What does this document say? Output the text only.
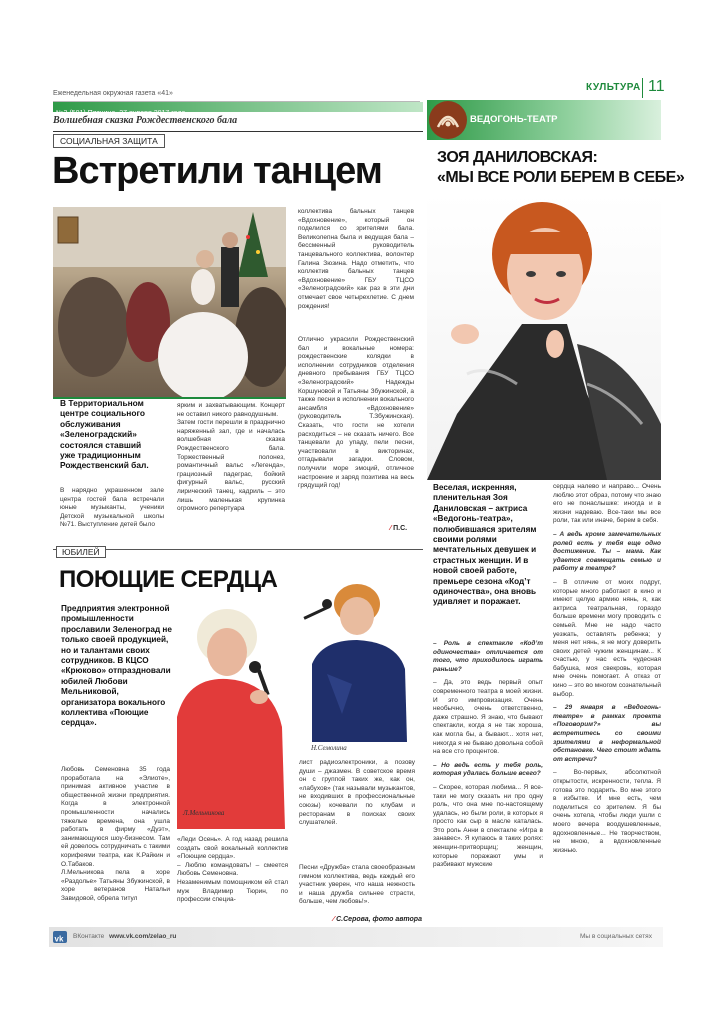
Еженедельная окружная газета «41»
№3 (501) Пятница, 27 января 2017 года
КУЛЬТУРА 11
Волшебная сказка Рождественского бала
СОЦИАЛЬНАЯ ЗАЩИТА
Встретили танцем
В Территориальном центре социального обслуживания «Зеленоградский» состоялся ставший уже традиционным Рождественский бал.
В нарядно украшенном зале центра гостей бала встречали юные музыканты, ученики Детской музыкальной школы №71. Выступление детей было
ярким и захватывающим. Концерт не оставил никого равнодушным.
Затем гости перешли в празднично наряженный зал, где и началась волшебная сказка Рождественского бала. Торжественный полонез, романтичный вальс «Легенда», грациозный падеграс, бойкий фигурный вальс, русский лирический танец, кадриль – это лишь маленькая крупинка огромного репертуара
коллектива бальных танцев «Вдохновение», который он поделился со зрителями бала. Великолепна была и ведущая бала – бессменный руководитель танцевального коллектива, волонтер Галина Зюзина. Надо отметить, что коллектив бальных танцев «Вдохновение» ГБУ ТЦСО «Зеленоградский» как раз в эти дни отмечает свое четырехлетие. С днем рождения!
Отлично украсили Рождественский бал и вокальные номера: рождественские колядки в исполнении сотрудников отделения дневного пребывания ГБУ ТЦСО «Зеленоградский» Надежды Коршуновой и Татьяны Збужинской, а также песни в исполнении вокального ансамбля «Вдохновение» (руководитель Т.Збужинская). Сказать, что гости не хотели расходиться – не сказать ничего. Все танцевали до упаду, пели песни, участвовали в викторинах, отгадывали загадки. Словом, получили море эмоций, отличное настроение и заряд позитива на весь грядущий год!
⁄ П.С.
ЮБИЛЕЙ
ПОЮЩИЕ СЕРДЦА
Предприятия электронной промышленности прославили Зеленоград не только своей продукцией, но и талантами своих сотрудников. В КЦСО «Крюково» отпраздновали юбилей Любови Мельниковой, организатора вокального коллектива «Поющие сердца».
Л.Мельникова
Н.Семолина
Любовь Семеновна 35 года проработала на «Элиоте», принимая активное участие в общественной жизни предприятия. Когда в электронной промышленности начались тяжелые времена, она ушла работать в фирму «Дуэт», занимающуюся шоу-бизнесом. Там ей довелось сотрудничать с такими корифеями театра, как К.Райкин и О.Табаков.
Л.Мельникова пела в хоре «Раздолье» Татьяны Збужинской, в хоре ветеранов Натальи Завидовой, обрела титул
«Леди Осень». А год назад решила создать свой вокальный коллектив «Поющие сердца».
– Люблю командовать! – смеется Любовь Семеновна.
Незаменимым помощником ей стал муж Владимир Тюрин, по профессии специа-
лист радиоэлектроники, а позову души – джазмен. В советское время он с группой таких же, как он, «лабухов» (так называли музыкантов, не входивших в профессиональные союзы) кочевали по клубам и ресторанам в поисках своих слушателей.
Песни «Дружба» стала своеобразным гимном коллектива, ведь каждый его участник уверен, что наша нежность и наша дружба сильнее страсти, больше, чем любовь!».
⁄ С.Серова, фото автора
ВЕДОГОНЬ-ТЕАТР
ЗОЯ ДАНИЛОВСКАЯ:
«МЫ ВСЕ РОЛИ БЕРЕМ В СЕБЕ»
Веселая, искренняя, пленительная Зоя Даниловская – актриса «Ведогонь-театра», полюбившаяся зрителям своими ролями мечтательных девушек и страстных женщин. И в новой своей работе, премьере сезона «Код’т одиночества», она вновь удивляет и поражает.
– Роль в спектакле «Код’т одиночества» отличается от того, что приходилось играть раньше?
– Да, это ведь первый опыт современного театра в моей жизни. И это импровизация. Очень необычно, очень ответственно, даже страшно. Я знаю, что бывают спектакли, когда я не так хороша, как могла бы, а бывают... хотя нет, никогда я не бываю довольна собой на все сто процентов.
– Но ведь есть у тебя роль, которая удалась больше всего?
– Скорее, которая любима... Я все-таки не могу сказать ни про одну роль, что она мне по-настоящему удалась, но были роли, в которых я просто как сыр в масле каталась. Это роль Анни в спектакле «Игра в занавес». Я купаюсь в таких ролях: женщин-притворщиц; женщин, которые поражают умы и разбивают мужские
сердца налево и направо... Очень люблю этот образ, потому что знаю его не понаслышке: иногда и в жизни надеваю. Все-таки мы все роли, так или иначе, берем в себя.
– А ведь кроме замечательных ролей есть у тебя еще одно достижение. Ты – мама. Как удается совмещать семью и работу в театре?
– В отличие от моих подруг, которые много работают в кино и имеют целую армию нянь, я, как актриса театральная, гораздо больше времени могу проводить с семьей. Мне не надо часто уезжать, оставлять ребенка; у меня нет нянь, я не могу доверить своих детей чужим женщинам... К счастью, у нас есть чудесная бабушка, моя свекровь, которая мне очень помогает. А отказ от кино – это во многом сознательный выбор.
– 29 января в «Ведогонь-театре» в рамках проекта «Поговорим?» вы встретитесь со своими зрителями в неформальной обстановке. Чего стоит ждать от встречи?
– Во-первых, абсолютной открытости, искренности, тепла. Я готова это подарить. Во мне этого в избытке. И мне есть, чем поделиться со зрителем. Я бы очень хотела, чтобы люди ушли с моего вечера воодушевленные, вдохновленные... Не творчеством, не мною, а вдохновленные жизнью.
vk ВКонтакте www.vk.com/zelao_ru	Мы в социальных сетях
